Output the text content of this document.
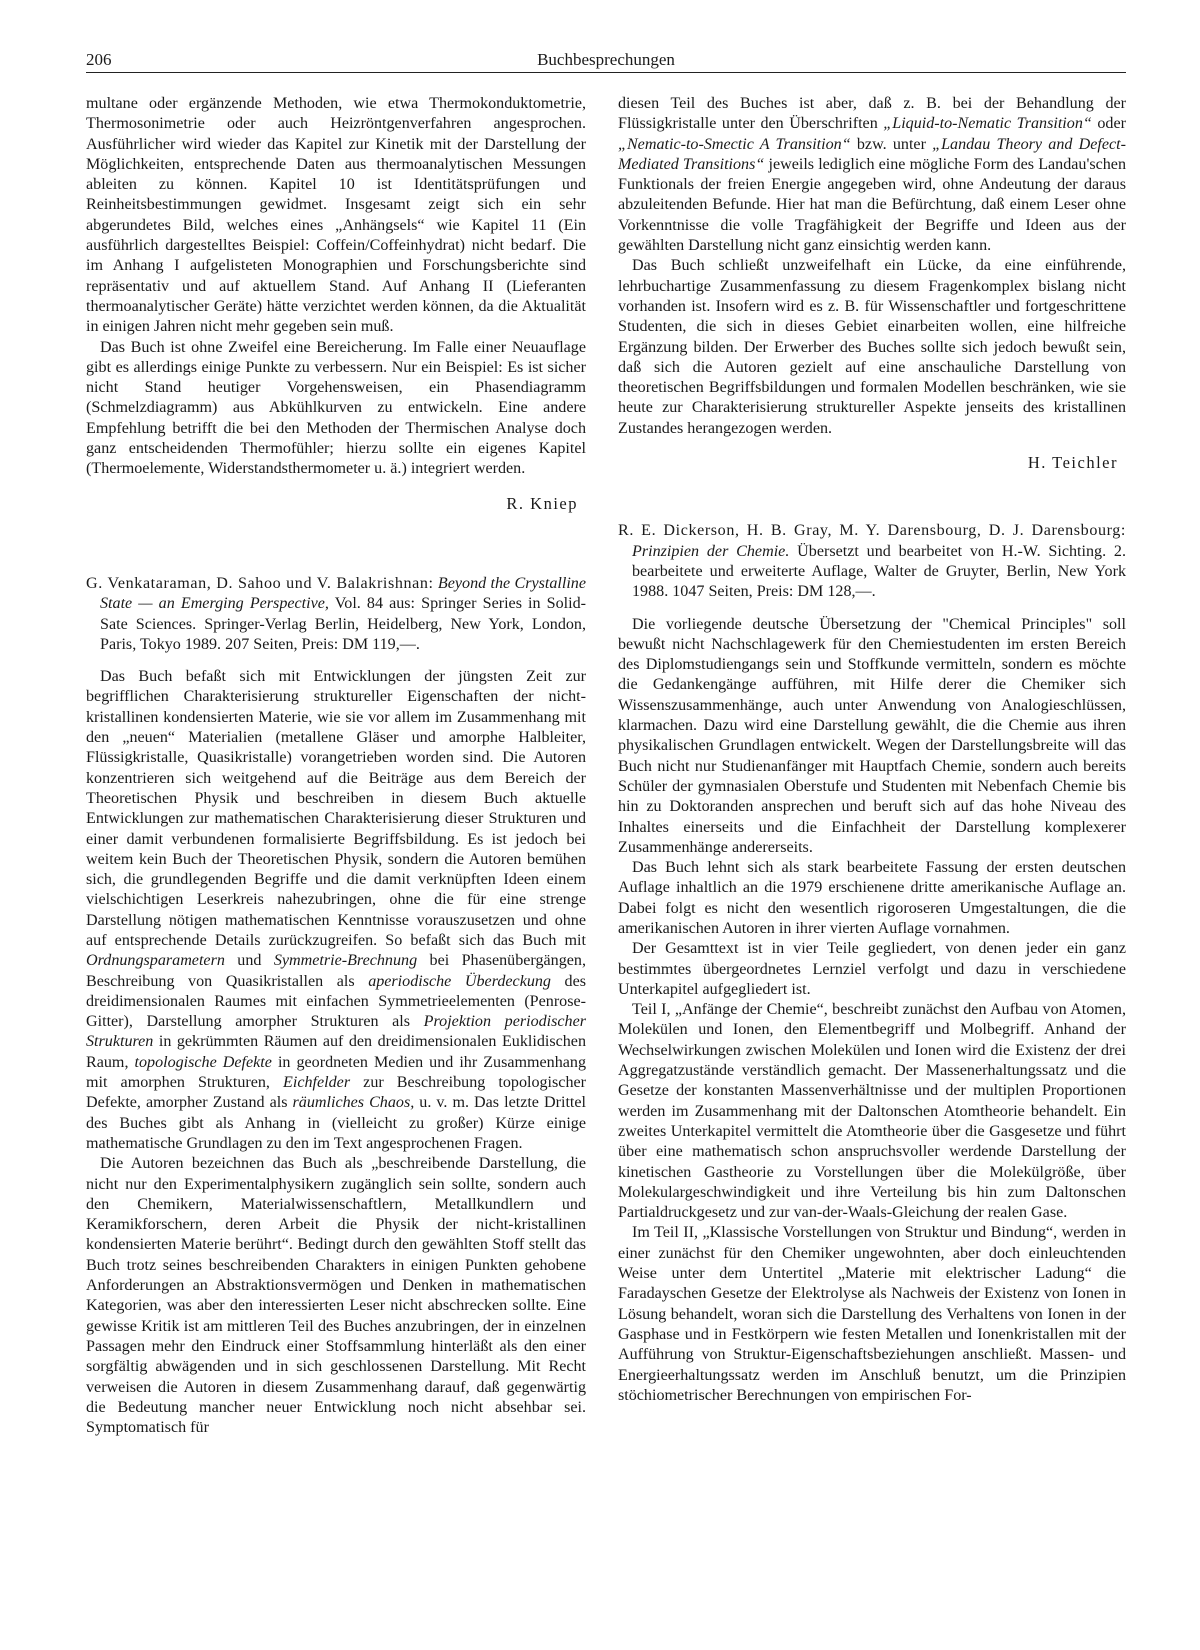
206	Buchbesprechungen

multane oder ergänzende Methoden, wie etwa Thermokonduktometrie, Thermosonimetrie oder auch Heizröntgenverfahren angesprochen. Ausführlicher wird wieder das Kapitel zur Kinetik mit der Darstellung der Möglichkeiten, entsprechende Daten aus thermoanalytischen Messungen ableiten zu können. Kapitel 10 ist Identitätsprüfungen und Reinheitsbestimmungen gewidmet. Insgesamt zeigt sich ein sehr abgerundetes Bild, welches eines „Anhängsels“ wie Kapitel 11 (Ein ausführlich dargestelltes Beispiel: Coffein/Coffeinhydrat) nicht bedarf. Die im Anhang I aufgelisteten Monographien und Forschungsberichte sind repräsentativ und auf aktuellem Stand. Auf Anhang II (Lieferanten thermoanalytischer Geräte) hätte verzichtet werden können, da die Aktualität in einigen Jahren nicht mehr gegeben sein muß.

Das Buch ist ohne Zweifel eine Bereicherung. Im Falle einer Neuauflage gibt es allerdings einige Punkte zu verbessern. Nur ein Beispiel: Es ist sicher nicht Stand heutiger Vorgehensweisen, ein Phasendiagramm (Schmelzdiagramm) aus Abkühlkurven zu entwickeln. Eine andere Empfehlung betrifft die bei den Methoden der Thermischen Analyse doch ganz entscheidenden Thermofühler; hierzu sollte ein eigenes Kapitel (Thermoelemente, Widerstandsthermometer u. ä.) integriert werden.

R. Kniep
G. Venkataraman, D. Sahoo und V. Balakrishnan: Beyond the Crystalline State — an Emerging Perspective, Vol. 84 aus: Springer Series in Solid-Sate Sciences. Springer-Verlag Berlin, Heidelberg, New York, London, Paris, Tokyo 1989. 207 Seiten, Preis: DM 119,—.

Das Buch befaßt sich mit Entwicklungen der jüngsten Zeit zur begrifflichen Charakterisierung struktureller Eigenschaften der nicht-kristallinen kondensierten Materie, wie sie vor allem im Zusammenhang mit den „neuen“ Materialien (metallene Gläser und amorphe Halbleiter, Flüssigkristalle, Quasikristalle) vorangetrieben worden sind. Die Autoren konzentrieren sich weitgehend auf die Beiträge aus dem Bereich der Theoretischen Physik und beschreiben in diesem Buch aktuelle Entwicklungen zur mathematischen Charakterisierung dieser Strukturen und einer damit verbundenen formalisierte Begriffsbildung. Es ist jedoch bei weitem kein Buch der Theoretischen Physik, sondern die Autoren bemühen sich, die grundlegenden Begriffe und die damit verknüpften Ideen einem vielschichtigen Leserkreis nahezubringen, ohne die für eine strenge Darstellung nötigen mathematischen Kenntnisse vorauszusetzen und ohne auf entsprechende Details zurückzugreifen. So befaßt sich das Buch mit Ordnungsparametern und Symmetrie-Brechnung bei Phasenübergängen, Beschreibung von Quasikristallen als aperiodische Überdeckung des dreidimensionalen Raumes mit einfachen Symmetrieelementen (Penrose-Gitter), Darstellung amorpher Strukturen als Projektion periodischer Strukturen in gekrümmten Räumen auf den dreidimensionalen Euklidischen Raum, topologische Defekte in geordneten Medien und ihr Zusammenhang mit amorphen Strukturen, Eichfelder zur Beschreibung topologischer Defekte, amorpher Zustand als räumliches Chaos, u. v. m. Das letzte Drittel des Buches gibt als Anhang in (vielleicht zu großer) Kürze einige mathematische Grundlagen zu den im Text angesprochenen Fragen.

Die Autoren bezeichnen das Buch als „beschreibende Darstellung, die nicht nur den Experimentalphysikern zugänglich sein sollte, sondern auch den Chemikern, Materialwissenschaftlern, Metallkundlern und Keramikforschern, deren Arbeit die Physik der nicht-kristallinen kondensierten Materie berührt“. Bedingt durch den gewählten Stoff stellt das Buch trotz seines beschreibenden Charakters in einigen Punkten gehobene Anforderungen an Abstraktionsvermögen und Denken in mathematischen Kategorien, was aber den interessierten Leser nicht abschrecken sollte. Eine gewisse Kritik ist am mittleren Teil des Buches anzubringen, der in einzelnen Passagen mehr den Eindruck einer Stoffsammlung hinterläßt als den einer sorgfältig abwägenden und in sich geschlossenen Darstellung. Mit Recht verweisen die Autoren in diesem Zusammenhang darauf, daß gegenwärtig die Bedeutung mancher neuer Entwicklung noch nicht absehbar sei. Symptomatisch für

diesen Teil des Buches ist aber, daß z. B. bei der Behandlung der Flüssigkristalle unter den Überschriften „Liquid-to-Nematic Transition“ oder „Nematic-to-Smectic A Transition“ bzw. unter „Landau Theory and Defect-Mediated Transitions“ jeweils lediglich eine mögliche Form des Landau'schen Funktionals der freien Energie angegeben wird, ohne Andeutung der daraus abzuleitenden Befunde. Hier hat man die Befürchtung, daß einem Leser ohne Vorkenntnisse die volle Tragfähigkeit der Begriffe und Ideen aus der gewählten Darstellung nicht ganz einsichtig werden kann.

Das Buch schließt unzweifelhaft ein Lücke, da eine einführende, lehrbuchartige Zusammenfassung zu diesem Fragenkomplex bislang nicht vorhanden ist. Insofern wird es z. B. für Wissenschaftler und fortgeschrittene Studenten, die sich in dieses Gebiet einarbeiten wollen, eine hilfreiche Ergänzung bilden. Der Erwerber des Buches sollte sich jedoch bewußt sein, daß sich die Autoren gezielt auf eine anschauliche Darstellung von theoretischen Begriffsbildungen und formalen Modellen beschränken, wie sie heute zur Charakterisierung struktureller Aspekte jenseits des kristallinen Zustandes herangezogen werden.

H. Teichler
R. E. Dickerson, H. B. Gray, M. Y. Darensbourg, D. J. Darensbourg: Prinzipien der Chemie. Übersetzt und bearbeitet von H.-W. Sichting. 2. bearbeitete und erweiterte Auflage, Walter de Gruyter, Berlin, New York 1988. 1047 Seiten, Preis: DM 128,—.

Die vorliegende deutsche Übersetzung der "Chemical Principles" soll bewußt nicht Nachschlagewerk für den Chemiestudenten im ersten Bereich des Diplomstudiengangs sein und Stoffkunde vermitteln, sondern es möchte die Gedankengänge aufführen, mit Hilfe derer die Chemiker sich Wissenszusammenhänge, auch unter Anwendung von Analogieschlüssen, klarmachen. Dazu wird eine Darstellung gewählt, die die Chemie aus ihren physikalischen Grundlagen entwickelt. Wegen der Darstellungsbreite will das Buch nicht nur Studienanfänger mit Hauptfach Chemie, sondern auch bereits Schüler der gymnasialen Oberstufe und Studenten mit Nebenfach Chemie bis hin zu Doktoranden ansprechen und beruft sich auf das hohe Niveau des Inhaltes einerseits und die Einfachheit der Darstellung komplexerer Zusammenhänge andererseits.

Das Buch lehnt sich als stark bearbeitete Fassung der ersten deutschen Auflage inhaltlich an die 1979 erschienene dritte amerikanische Auflage an. Dabei folgt es nicht den wesentlich rigoroseren Umgestaltungen, die die amerikanischen Autoren in ihrer vierten Auflage vornahmen.

Der Gesamttext ist in vier Teile gegliedert, von denen jeder ein ganz bestimmtes übergeordnetes Lernziel verfolgt und dazu in verschiedene Unterkapitel aufgegliedert ist.

Teil I, „Anfänge der Chemie“, beschreibt zunächst den Aufbau von Atomen, Molekülen und Ionen, den Elementbegriff und Molbegriff. Anhand der Wechselwirkungen zwischen Molekülen und Ionen wird die Existenz der drei Aggregatzustände verständlich gemacht. Der Massenerhaltungssatz und die Gesetze der konstanten Massenverhältnisse und der multiplen Proportionen werden im Zusammenhang mit der Daltonschen Atomtheorie behandelt. Ein zweites Unterkapitel vermittelt die Atomtheorie über die Gasgesetze und führt über eine mathematisch schon anspruchsvoller werdende Darstellung der kinetischen Gastheorie zu Vorstellungen über die Molekülgröße, über Molekulargeschwindigkeit und ihre Verteilung bis hin zum Daltonschen Partialdruckgesetz und zur van-der-Waals-Gleichung der realen Gase.

Im Teil II, „Klassische Vorstellungen von Struktur und Bindung“, werden in einer zunächst für den Chemiker ungewohnten, aber doch einleuchtenden Weise unter dem Untertitel „Materie mit elektrischer Ladung“ die Faradayschen Gesetze der Elektrolyse als Nachweis der Existenz von Ionen in Lösung behandelt, woran sich die Darstellung des Verhaltens von Ionen in der Gasphase und in Festkörpern wie festen Metallen und Ionenkristallen mit der Aufführung von Struktur-Eigenschaftsbeziehungen anschließt. Massen- und Energieerhaltungssatz werden im Anschluß benutzt, um die Prinzipien stöchiometrischer Berechnungen von empirischen For-
